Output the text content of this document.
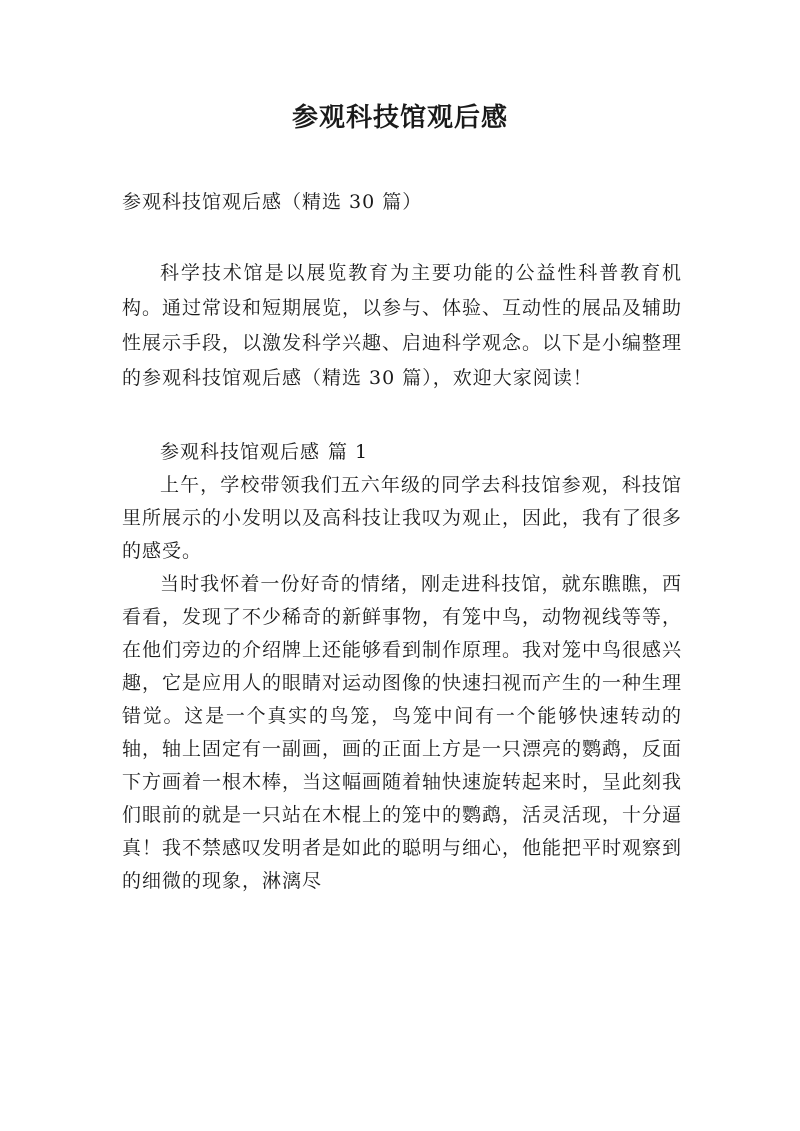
参观科技馆观后感

参观科技馆观后感（精选 30 篇）

科学技术馆是以展览教育为主要功能的公益性科普教育机构。通过常设和短期展览，以参与、体验、互动性的展品及辅助性展示手段，以激发科学兴趣、启迪科学观念。以下是小编整理的参观科技馆观后感（精选 30 篇），欢迎大家阅读！

参观科技馆观后感 篇 1

上午，学校带领我们五六年级的同学去科技馆参观，科技馆里所展示的小发明以及高科技让我叹为观止，因此，我有了很多的感受。

当时我怀着一份好奇的情绪，刚走进科技馆，就东瞧瞧，西看看，发现了不少稀奇的新鲜事物，有笼中鸟，动物视线等等，在他们旁边的介绍牌上还能够看到制作原理。我对笼中鸟很感兴趣，它是应用人的眼睛对运动图像的快速扫视而产生的一种生理错觉。这是一个真实的鸟笼，鸟笼中间有一个能够快速转动的轴，轴上固定有一副画，画的正面上方是一只漂亮的鹦鹉，反面下方画着一根木棒，当这幅画随着轴快速旋转起来时，呈此刻我们眼前的就是一只站在木棍上的笼中的鹦鹉，活灵活现，十分逼真！我不禁感叹发明者是如此的聪明与细心，他能把平时观察到的细微的现象，淋漓尽
